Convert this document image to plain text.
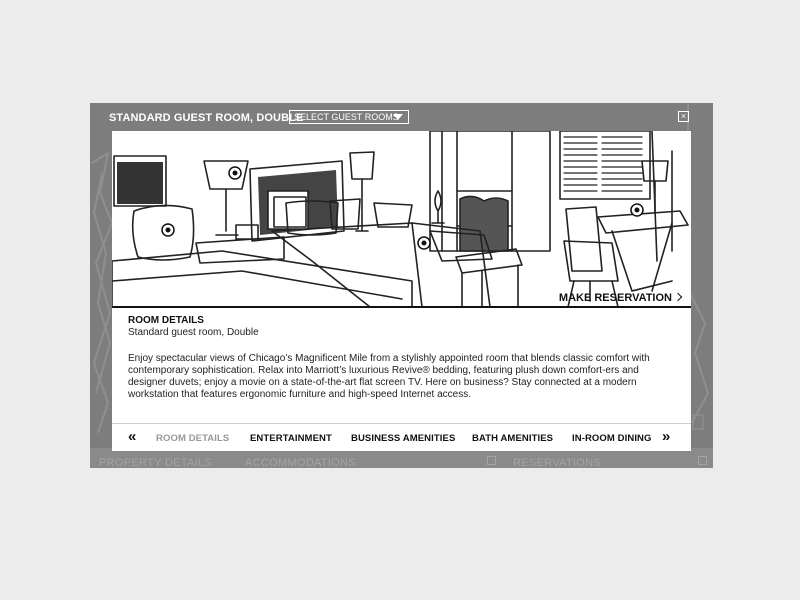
PROPERTY DETAILS	ACCOMMODATIONS	RESERVATIONS
STANDARD GUEST ROOM, DOUBLE
SELECT GUEST ROOMS	×
MAKE RESERVATION
ROOM DETAILS
Standard guest room, Double
Enjoy spectacular views of Chicago’s Magnificent Mile from a stylishly appointed room that blends classic comfort with contemporary sophistication. Relax into Marriott’s luxurious Revive® bedding, featuring plush down comfort-ers and designer duvets; enjoy a movie on a state-of-the-art flat screen TV. Here on business? Stay connected at a modern workstation that features ergonomic furniture and high-speed Internet access.
« ROOM DETAILS ENTERTAINMENT BUSINESS AMENITIES BATH AMENITIES IN-ROOM DINING »
